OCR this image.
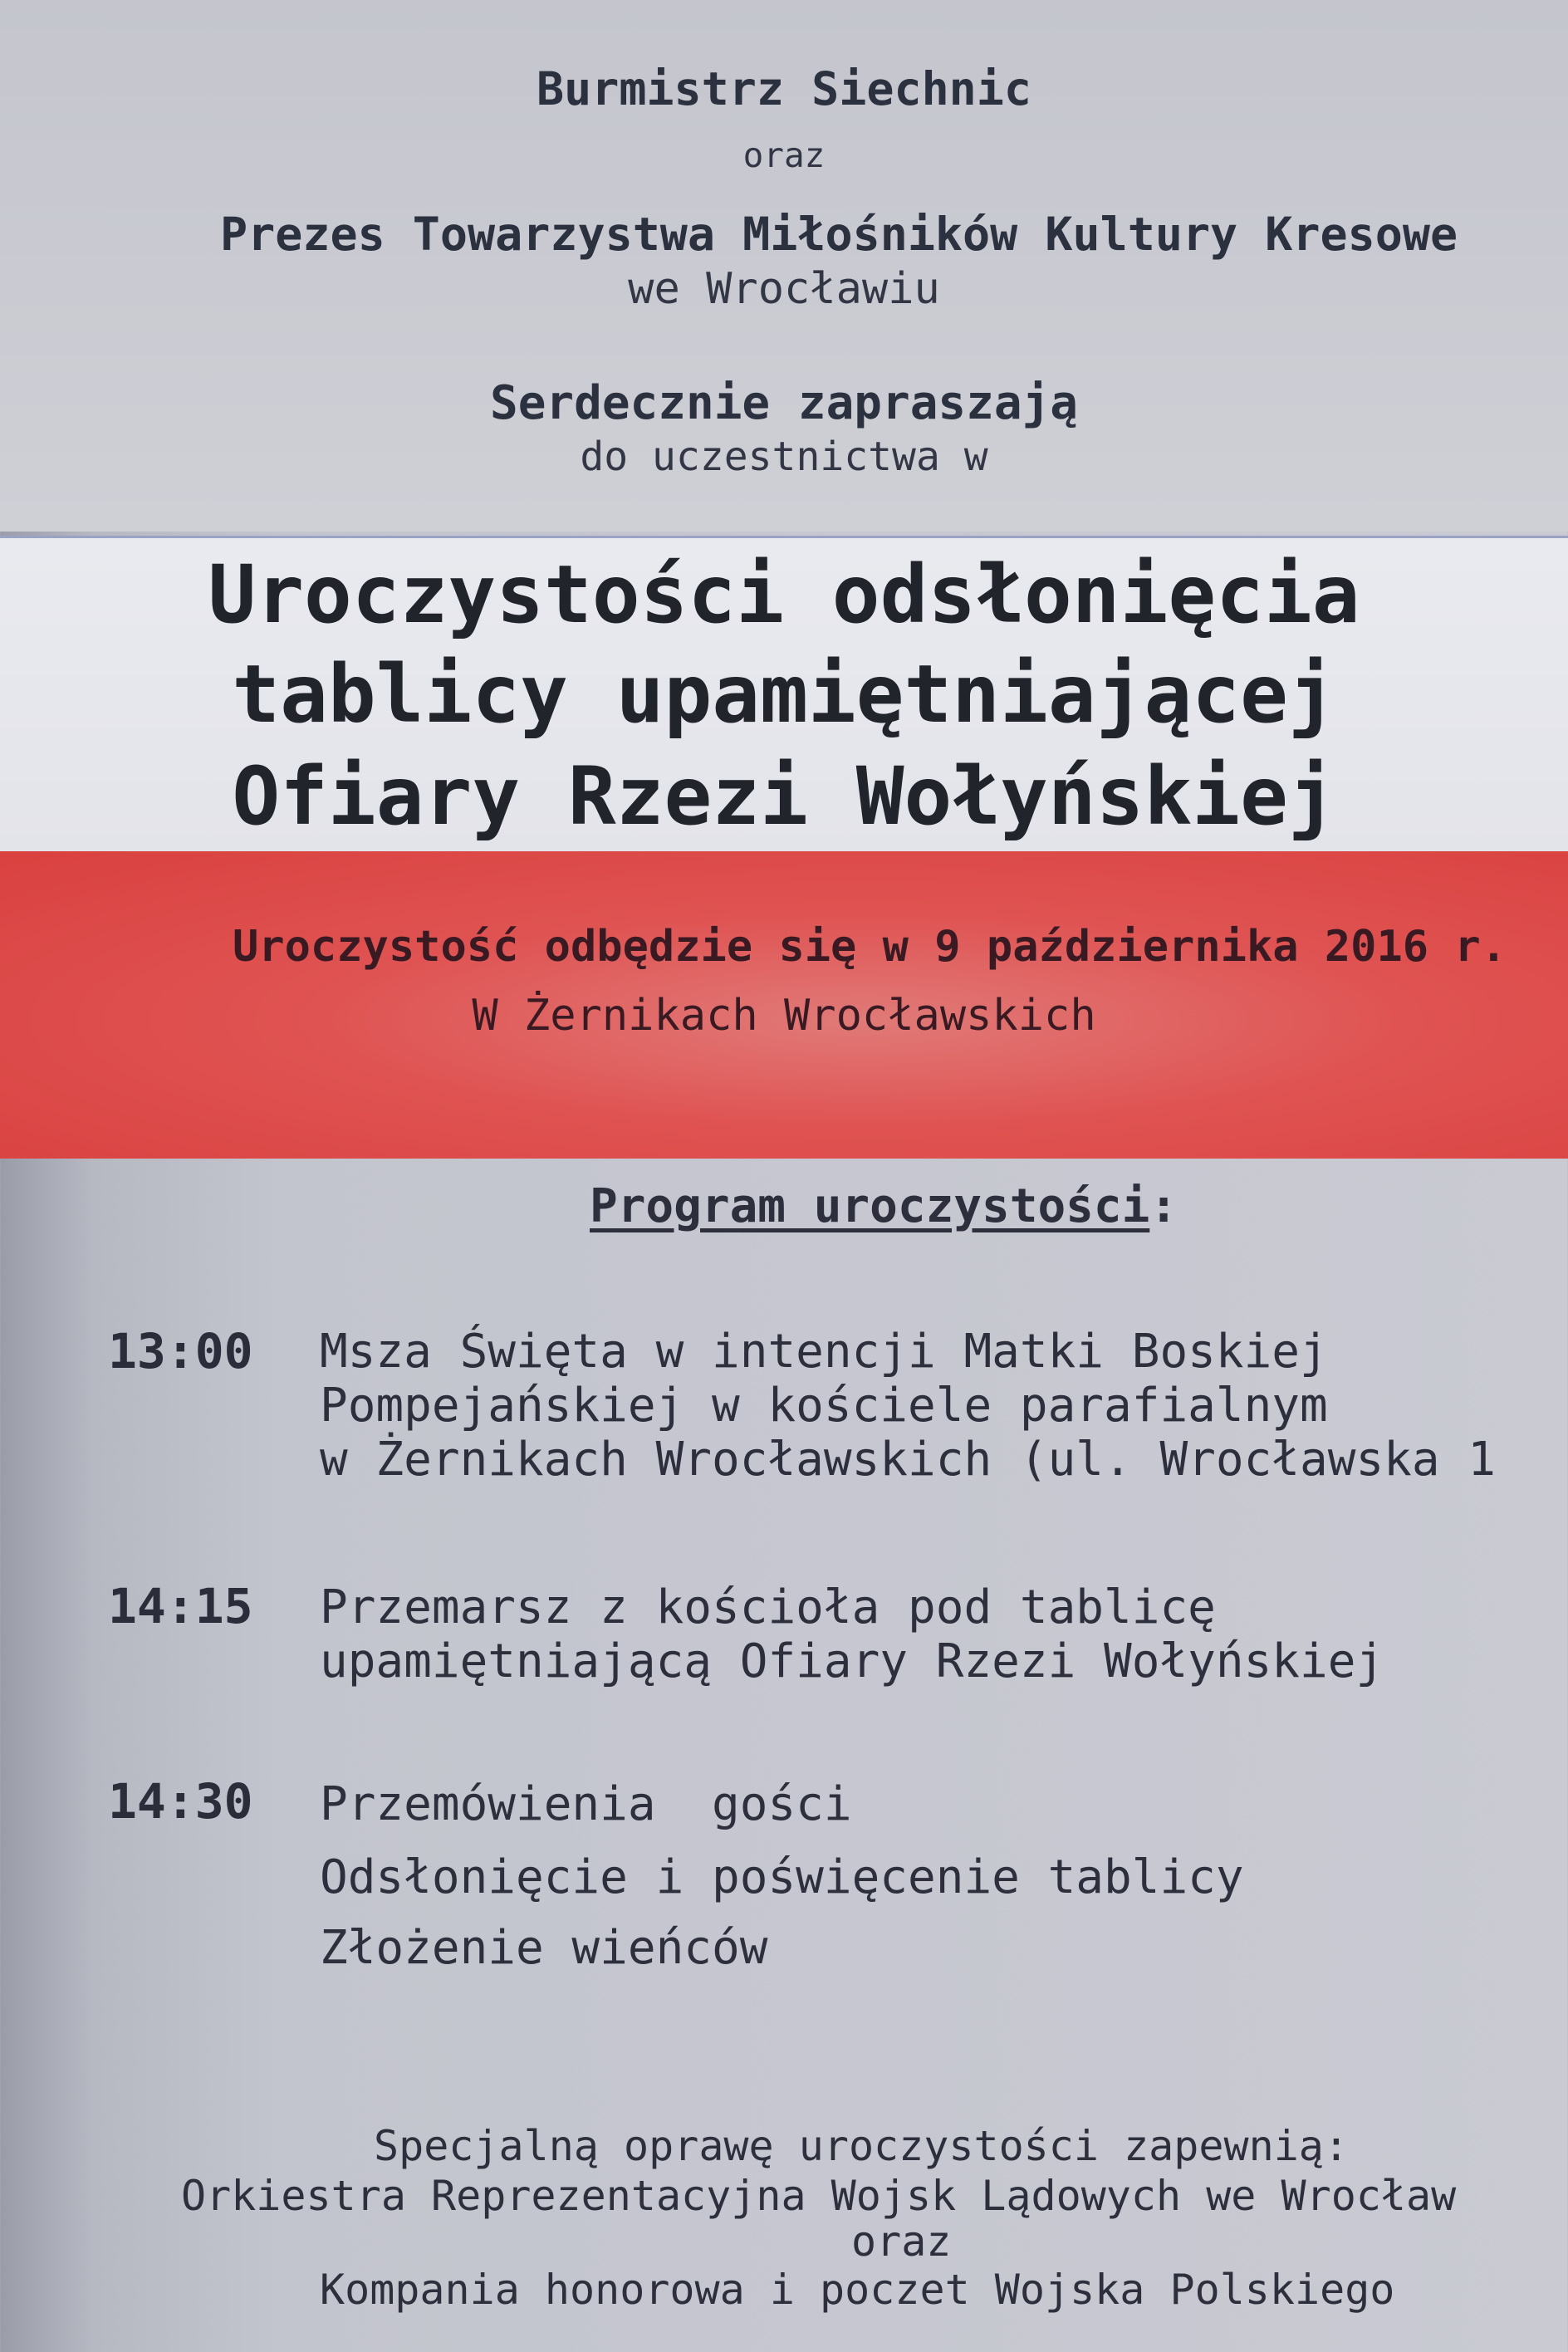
Burmistrz Siechnic
oraz
Prezes Towarzystwa Miłośników Kultury Kresowe
we Wrocławiu
Serdecznie zapraszają
do uczestnictwa w
Uroczystości odsłonięcia
tablicy upamiętniającej
Ofiary Rzezi Wołyńskiej
Uroczystość odbędzie się w 9 października 2016 r.
W Żernikach Wrocławskich
Program uroczystości:
13:00 Msza Święta w intencji Matki Boskiej
Pompejańskiej w kościele parafialnym
w Żernikach Wrocławskich (ul. Wrocławska 1
14:15 Przemarsz z kościoła pod tablicę
upamiętniającą Ofiary Rzezi Wołyńskiej
14:30 Przemówienia  gości
Odsłonięcie i poświęcenie tablicy
Złożenie wieńców
Specjalną oprawę uroczystości zapewnią:
Orkiestra Reprezentacyjna Wojsk Lądowych we Wrocław
oraz
Kompania honorowa i poczet Wojska Polskiego
